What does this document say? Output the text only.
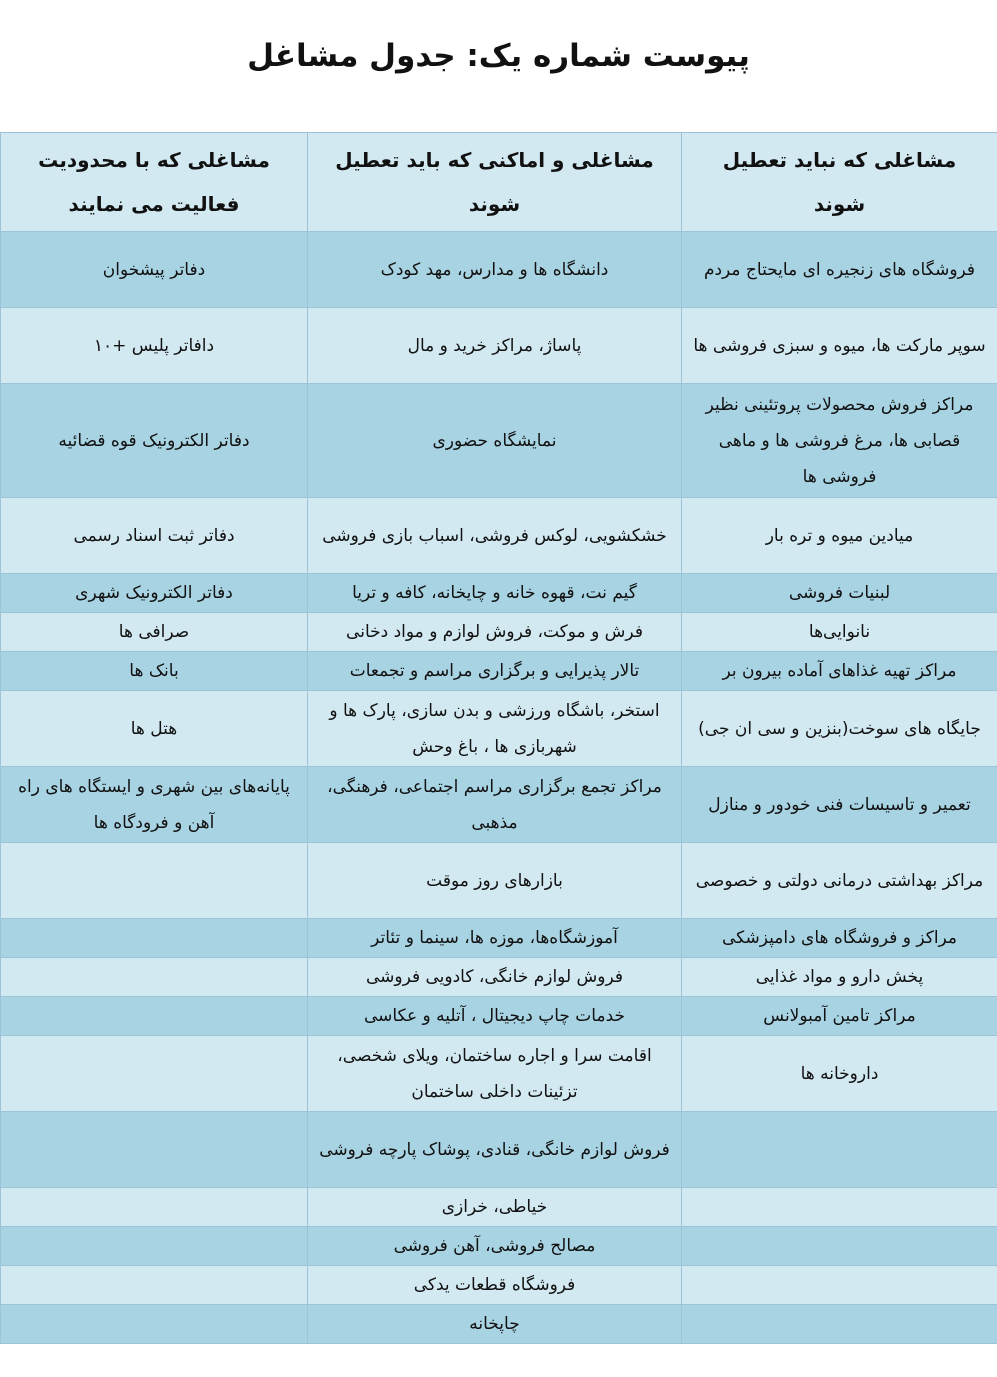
پیوست شماره یک: جدول مشاغل
مشاغلی که نباید تعطیل شوند	مشاغلی و اماکنی که باید تعطیل شوند	مشاغلی که با محدودیت فعالیت می نمایند
فروشگاه های زنجیره ای مایحتاج مردم	دانشگاه ها و مدارس، مهد کودک	دفاتر پیشخوان
سوپر مارکت ها، میوه و سبزی فروشی ها	پاساژ، مراکز خرید و مال	دافاتر پلیس +۱۰
مراکز فروش محصولات پروتئینی نظیر قصابی ها، مرغ فروشی ها و ماهی فروشی ها	نمایشگاه حضوری	دفاتر الکترونیک قوه قضائیه
میادین میوه و تره بار	خشکشویی، لوکس فروشی، اسباب بازی فروشی	دفاتر ثبت اسناد رسمی
لبنیات فروشی	گیم نت، قهوه خانه و چایخانه، کافه و تریا	دفاتر الکترونیک شهری
نانوایی‌ها	فرش و موکت، فروش لوازم و مواد دخانی	صرافی ها
مراکز تهیه غذاهای آماده بیرون بر	تالار پذیرایی و برگزاری مراسم و تجمعات	بانک ها
جایگاه های سوخت(بنزین و سی ان جی)	استخر، باشگاه ورزشی و بدن سازی، پارک ها و شهربازی ها ، باغ وحش	هتل ها
تعمیر و تاسیسات فنی خودور و منازل	مراکز تجمع برگزاری مراسم اجتماعی، فرهنگی، مذهبی	پایانه‌های بین شهری و ایستگاه های راه آهن و فرودگاه ها
مراکز بهداشتی درمانی دولتی و خصوصی	بازارهای روز موقت	
مراکز و فروشگاه های دامپزشکی	آموزشگاه‌ها، موزه ها، سینما و تئاتر	
پخش دارو و مواد غذایی	فروش لوازم خانگی، کادویی فروشی	
مراکز تامین آمبولانس	خدمات چاپ دیجیتال ، آتلیه و عکاسی	
داروخانه ها	اقامت سرا و اجاره ساختمان، ویلای شخصی، تزئینات داخلی ساختمان	
	فروش لوازم خانگی، قنادی، پوشاک پارچه فروشی	
	خیاطی، خرازی	
	مصالح فروشی، آهن فروشی	
	فروشگاه قطعات یدکی	
	چاپخانه	
